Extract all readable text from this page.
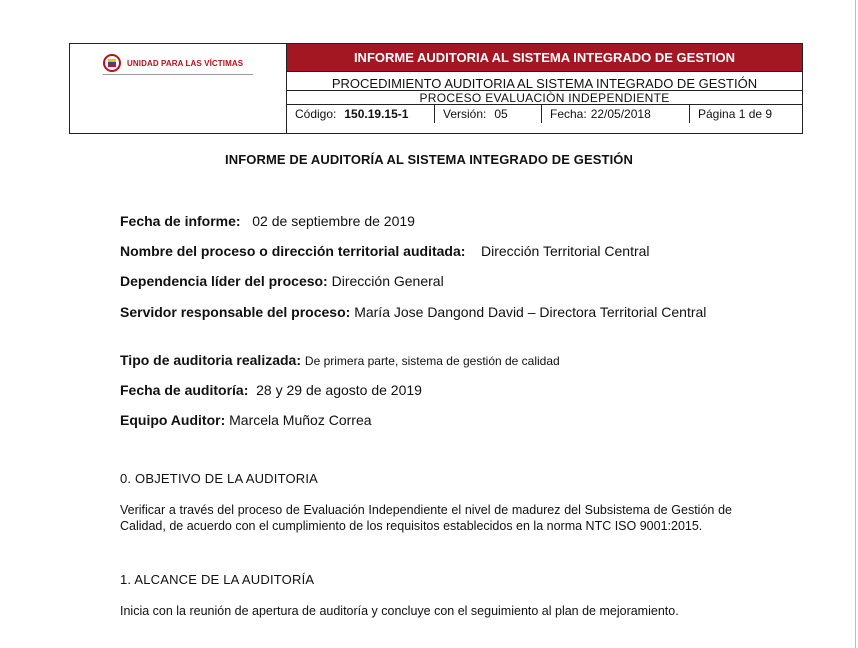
UNIDAD PARA LAS VÍCTIMAS	INFORME AUDITORIA AL SISTEMA INTEGRADO DE GESTION
PROCEDIMIENTO AUDITORIA AL SISTEMA INTEGRADO DE GESTIÓN
PROCESO EVALUACIÒN INDEPENDIENTE
Código: 150.19.15-1	Versión: 05	Fecha: 22/05/2018	Página 1 de 9
INFORME DE AUDITORÍA AL SISTEMA INTEGRADO DE GESTIÓN
Fecha de informe: 02 de septiembre de 2019
Nombre del proceso o dirección territorial auditada: Dirección Territorial Central
Dependencia líder del proceso: Dirección General
Servidor responsable del proceso: María Jose Dangond David – Directora Territorial Central
Tipo de auditoria realizada: De primera parte, sistema de gestión de calidad
Fecha de auditoría: 28 y 29 de agosto de 2019
Equipo Auditor: Marcela Muñoz Correa
0. OBJETIVO DE LA AUDITORIA
Verificar a través del proceso de Evaluación Independiente el nivel de madurez del Subsistema de Gestión de Calidad, de acuerdo con el cumplimiento de los requisitos establecidos en la norma NTC ISO 9001:2015.
1. ALCANCE DE LA AUDITORÍA
Inicia con la reunión de apertura de auditoría y concluye con el seguimiento al plan de mejoramiento.
